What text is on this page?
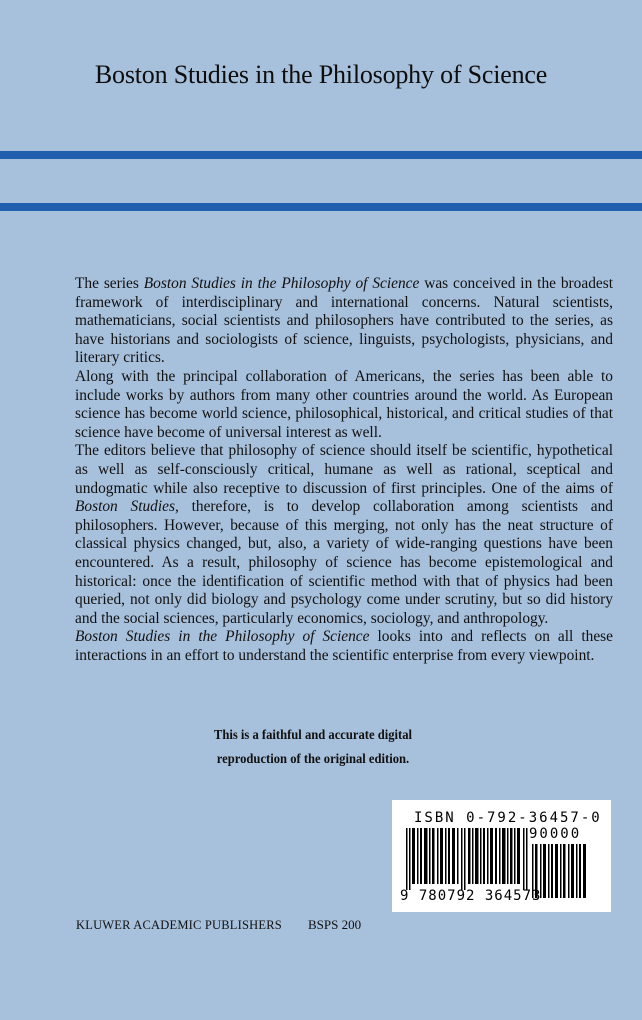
Boston Studies in the Philosophy of Science

The series Boston Studies in the Philosophy of Science was conceived in the broadest framework of interdisciplinary and international concerns. Natural scientists, mathematicians, social scientists and philosophers have contributed to the series, as have historians and sociologists of science, linguists, psychologists, physicians, and literary critics.

Along with the principal collaboration of Americans, the series has been able to include works by authors from many other countries around the world. As European science has become world science, philosophical, historical, and critical studies of that science have become of universal interest as well.

The editors believe that philosophy of science should itself be scientific, hypothetical as well as self-consciously critical, humane as well as rational, sceptical and undogmatic while also receptive to discussion of first principles. One of the aims of Boston Studies, therefore, is to develop collaboration among scientists and philosophers. However, because of this merging, not only has the neat structure of classical physics changed, but, also, a variety of wide-ranging questions have been encountered. As a result, philosophy of science has become epistemological and historical: once the identification of scientific method with that of physics had been queried, not only did biology and psychology come under scrutiny, but so did history and the social sciences, particularly economics, sociology, and anthropology.

Boston Studies in the Philosophy of Science looks into and reflects on all these interactions in an effort to understand the scientific enterprise from every viewpoint.

This is a faithful and accurate digital
reproduction of the original edition.
ISBN 0-792-36457-0
90000
9 780792 364573
KLUWER ACADEMIC PUBLISHERS BSPS 200
